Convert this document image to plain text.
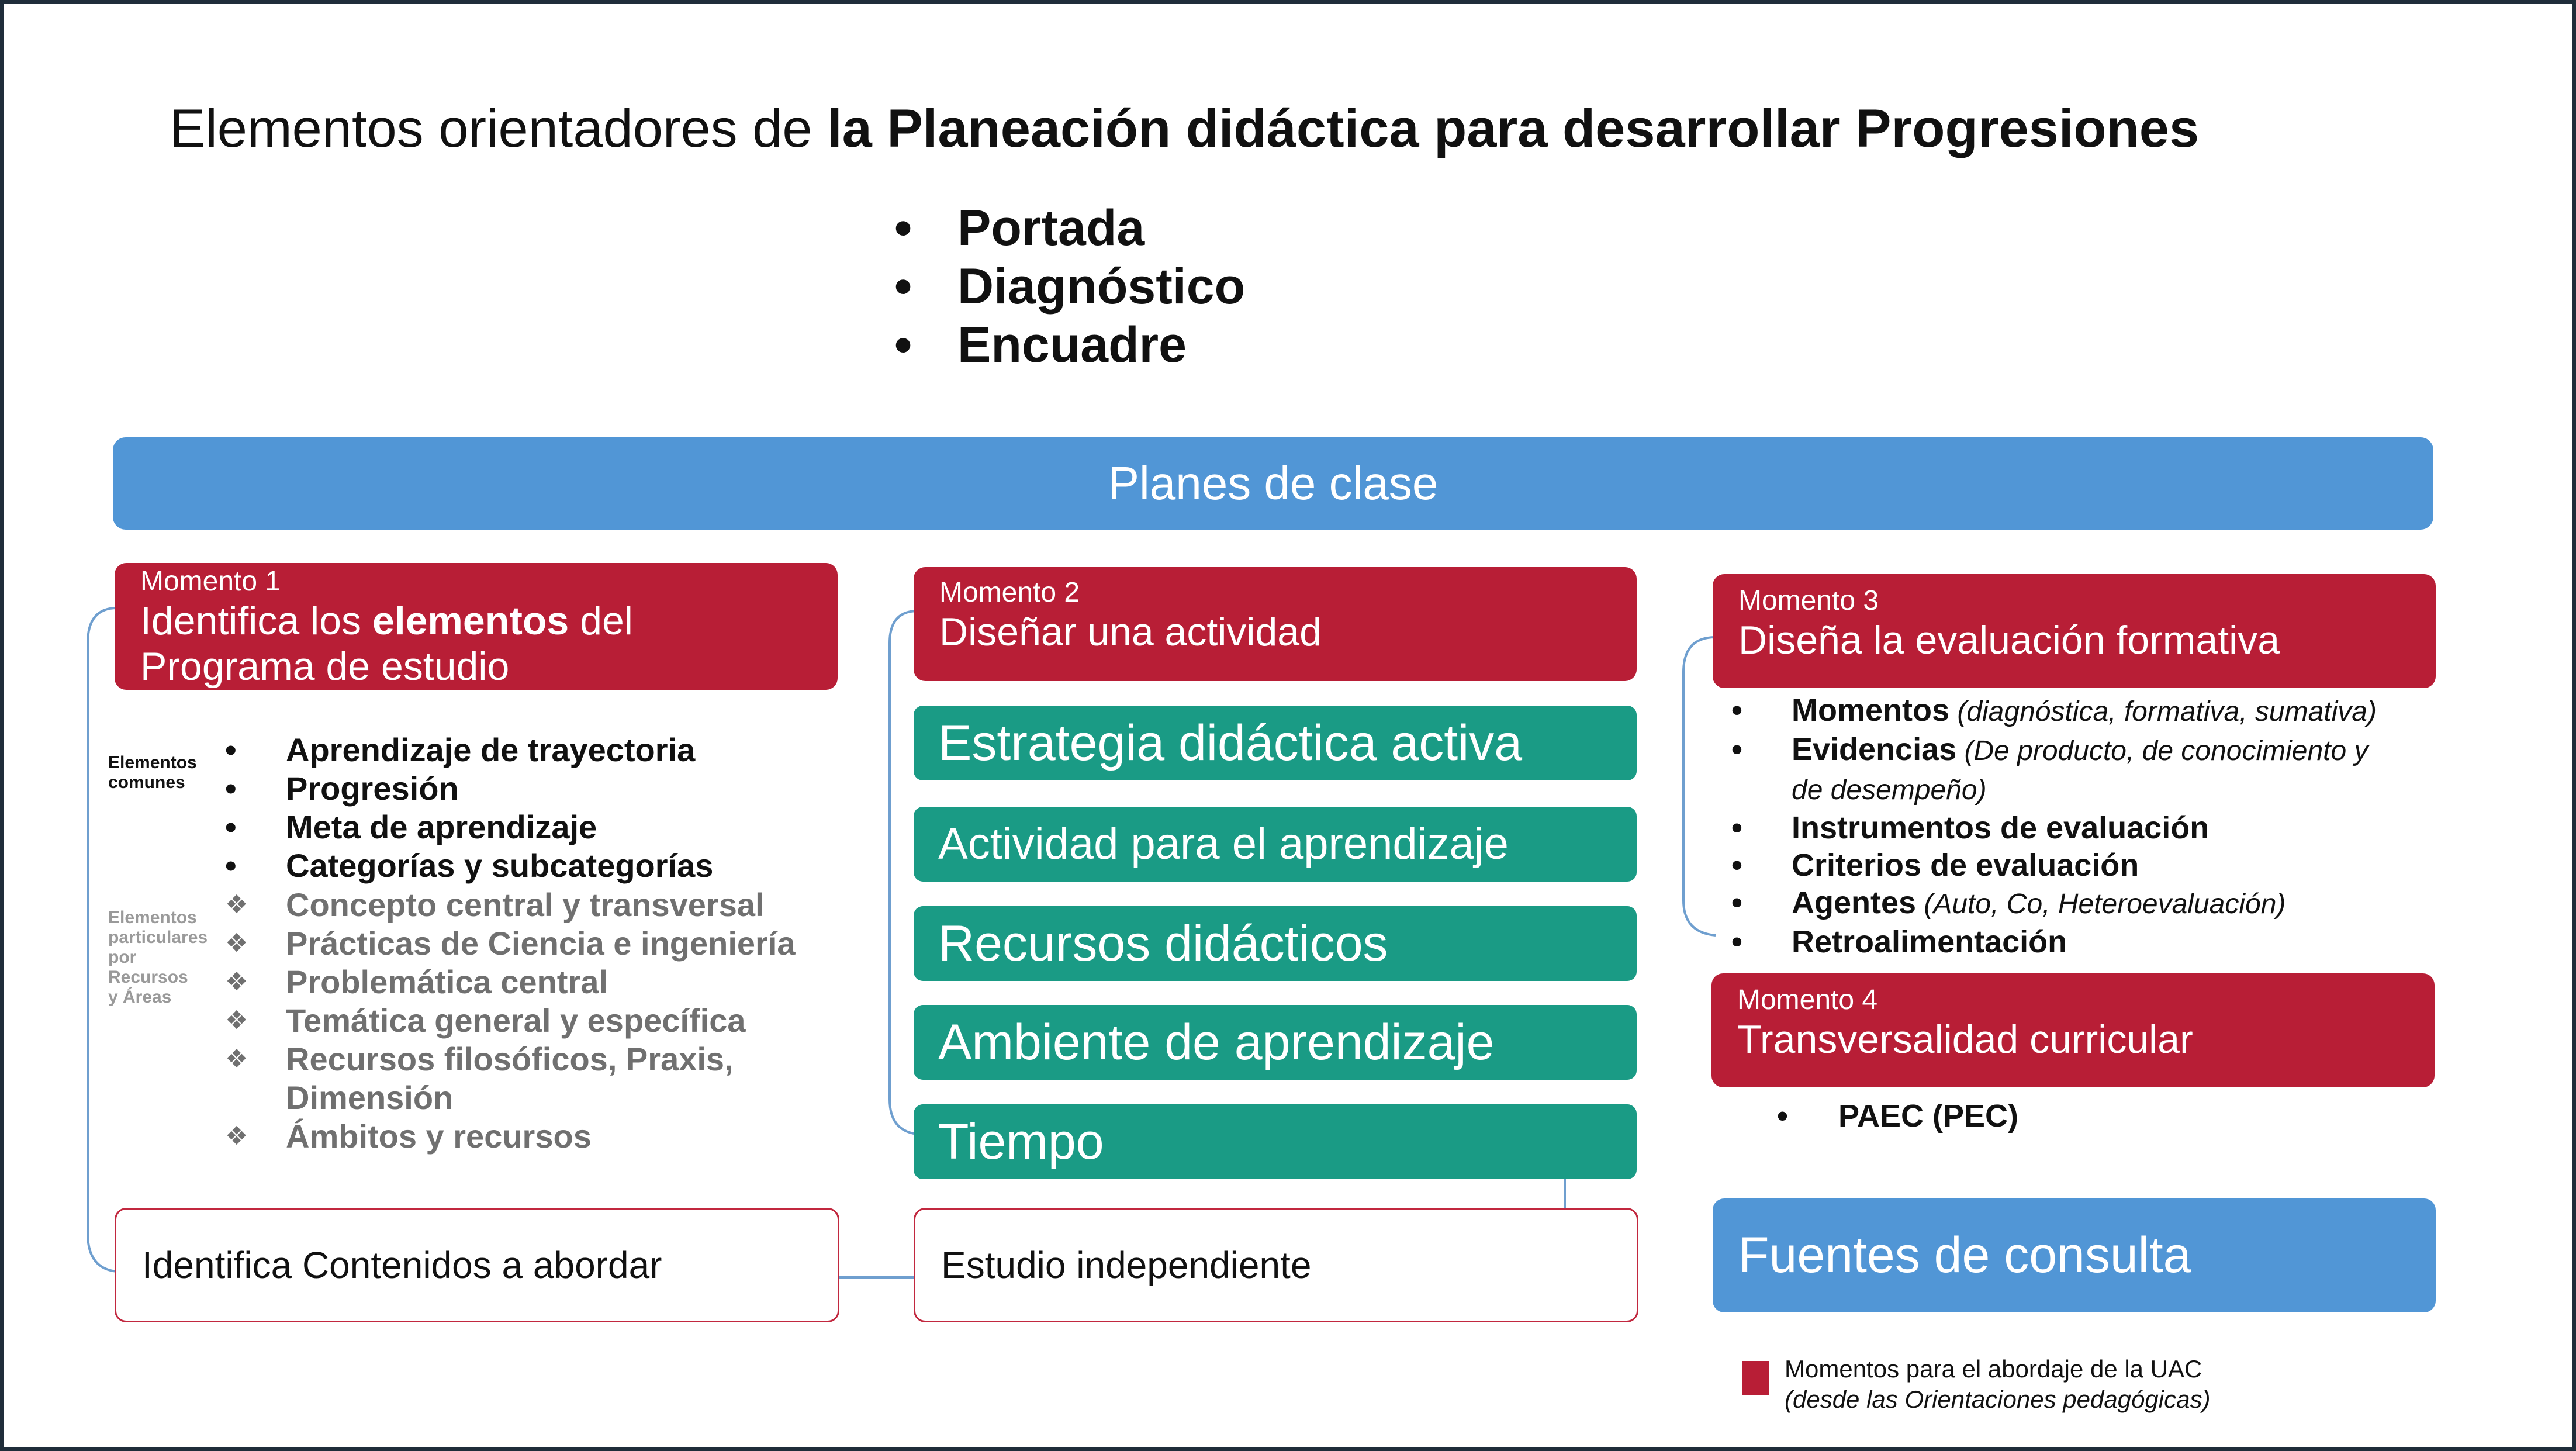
Elementos orientadores de la Planeación didáctica para desarrollar Progresiones
• Portada
• Diagnóstico
• Encuadre
Planes de clase
Momento 1
Identifica los elementos del
Programa de estudio
Elementos
comunes
Elementos
particulares
por
Recursos
y Áreas
• Aprendizaje de trayectoria
• Progresión
• Meta de aprendizaje
• Categorías y subcategorías
❖ Concepto central y transversal
❖ Prácticas de Ciencia e ingeniería
❖ Problemática central
❖ Temática general y específica
❖ Recursos filosóficos, Praxis,
Dimensión
❖ Ámbitos y recursos
Identifica Contenidos a abordar
Momento 2
Diseñar una actividad
Estrategia didáctica activa
Actividad para el aprendizaje
Recursos didácticos
Ambiente de aprendizaje
Tiempo
Estudio independiente
Momento 3
Diseña la evaluación formativa
• Momentos (diagnóstica, formativa, sumativa)
• Evidencias (De producto, de conocimiento y
de desempeño)
• Instrumentos de evaluación
• Criterios de evaluación
• Agentes (Auto, Co, Heteroevaluación)
• Retroalimentación
Momento 4
Transversalidad curricular
• PAEC (PEC)
Fuentes de consulta
Momentos para el abordaje de la UAC
(desde las Orientaciones pedagógicas)
